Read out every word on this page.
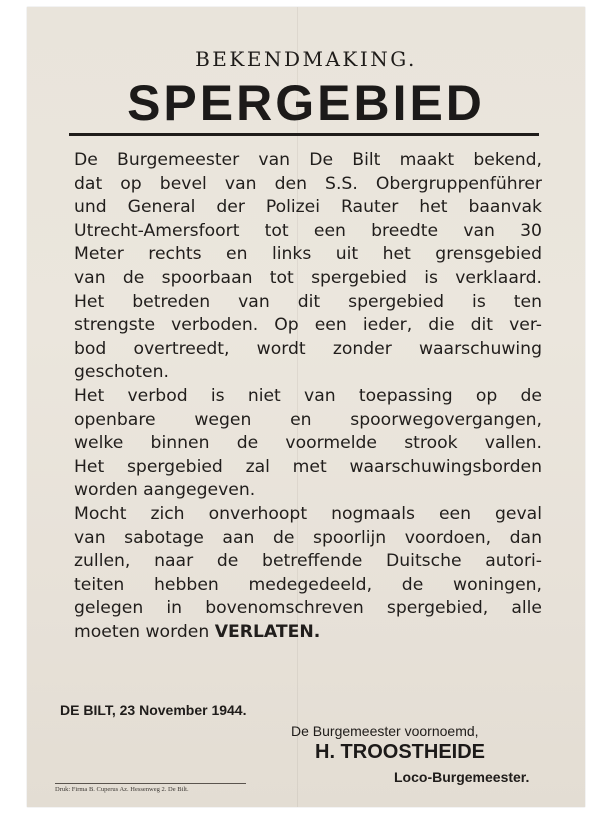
BEKENDMAKING.
SPERGEBIED
De Burgemeester van De Bilt maakt bekend,
dat op bevel van den S.S. Obergruppenführer
und General der Polizei Rauter het baanvak
Utrecht-Amersfoort tot een breedte van 30
Meter rechts en links uit het grensgebied
van de spoorbaan tot spergebied is verklaard.
Het betreden van dit spergebied is ten
strengste verboden. Op een ieder, die dit ver-
bod overtreedt, wordt zonder waarschuwing
geschoten.
Het verbod is niet van toepassing op de
openbare wegen en spoorwegovergangen,
welke binnen de voormelde strook vallen.
Het spergebied zal met waarschuwingsborden
worden aangegeven.
Mocht zich onverhoopt nogmaals een geval
van sabotage aan de spoorlijn voordoen, dan
zullen, naar de betreffende Duitsche autori-
teiten hebben medegedeeld, de woningen,
gelegen in bovenomschreven spergebied, alle
moeten worden VERLATEN.
DE BILT, 23 November 1944.
De Burgemeester voornoemd,
H. TROOSTHEIDE
Loco-Burgemeester.
Druk: Firma B. Cuperus Az. Hessenweg 2. De Bilt.
